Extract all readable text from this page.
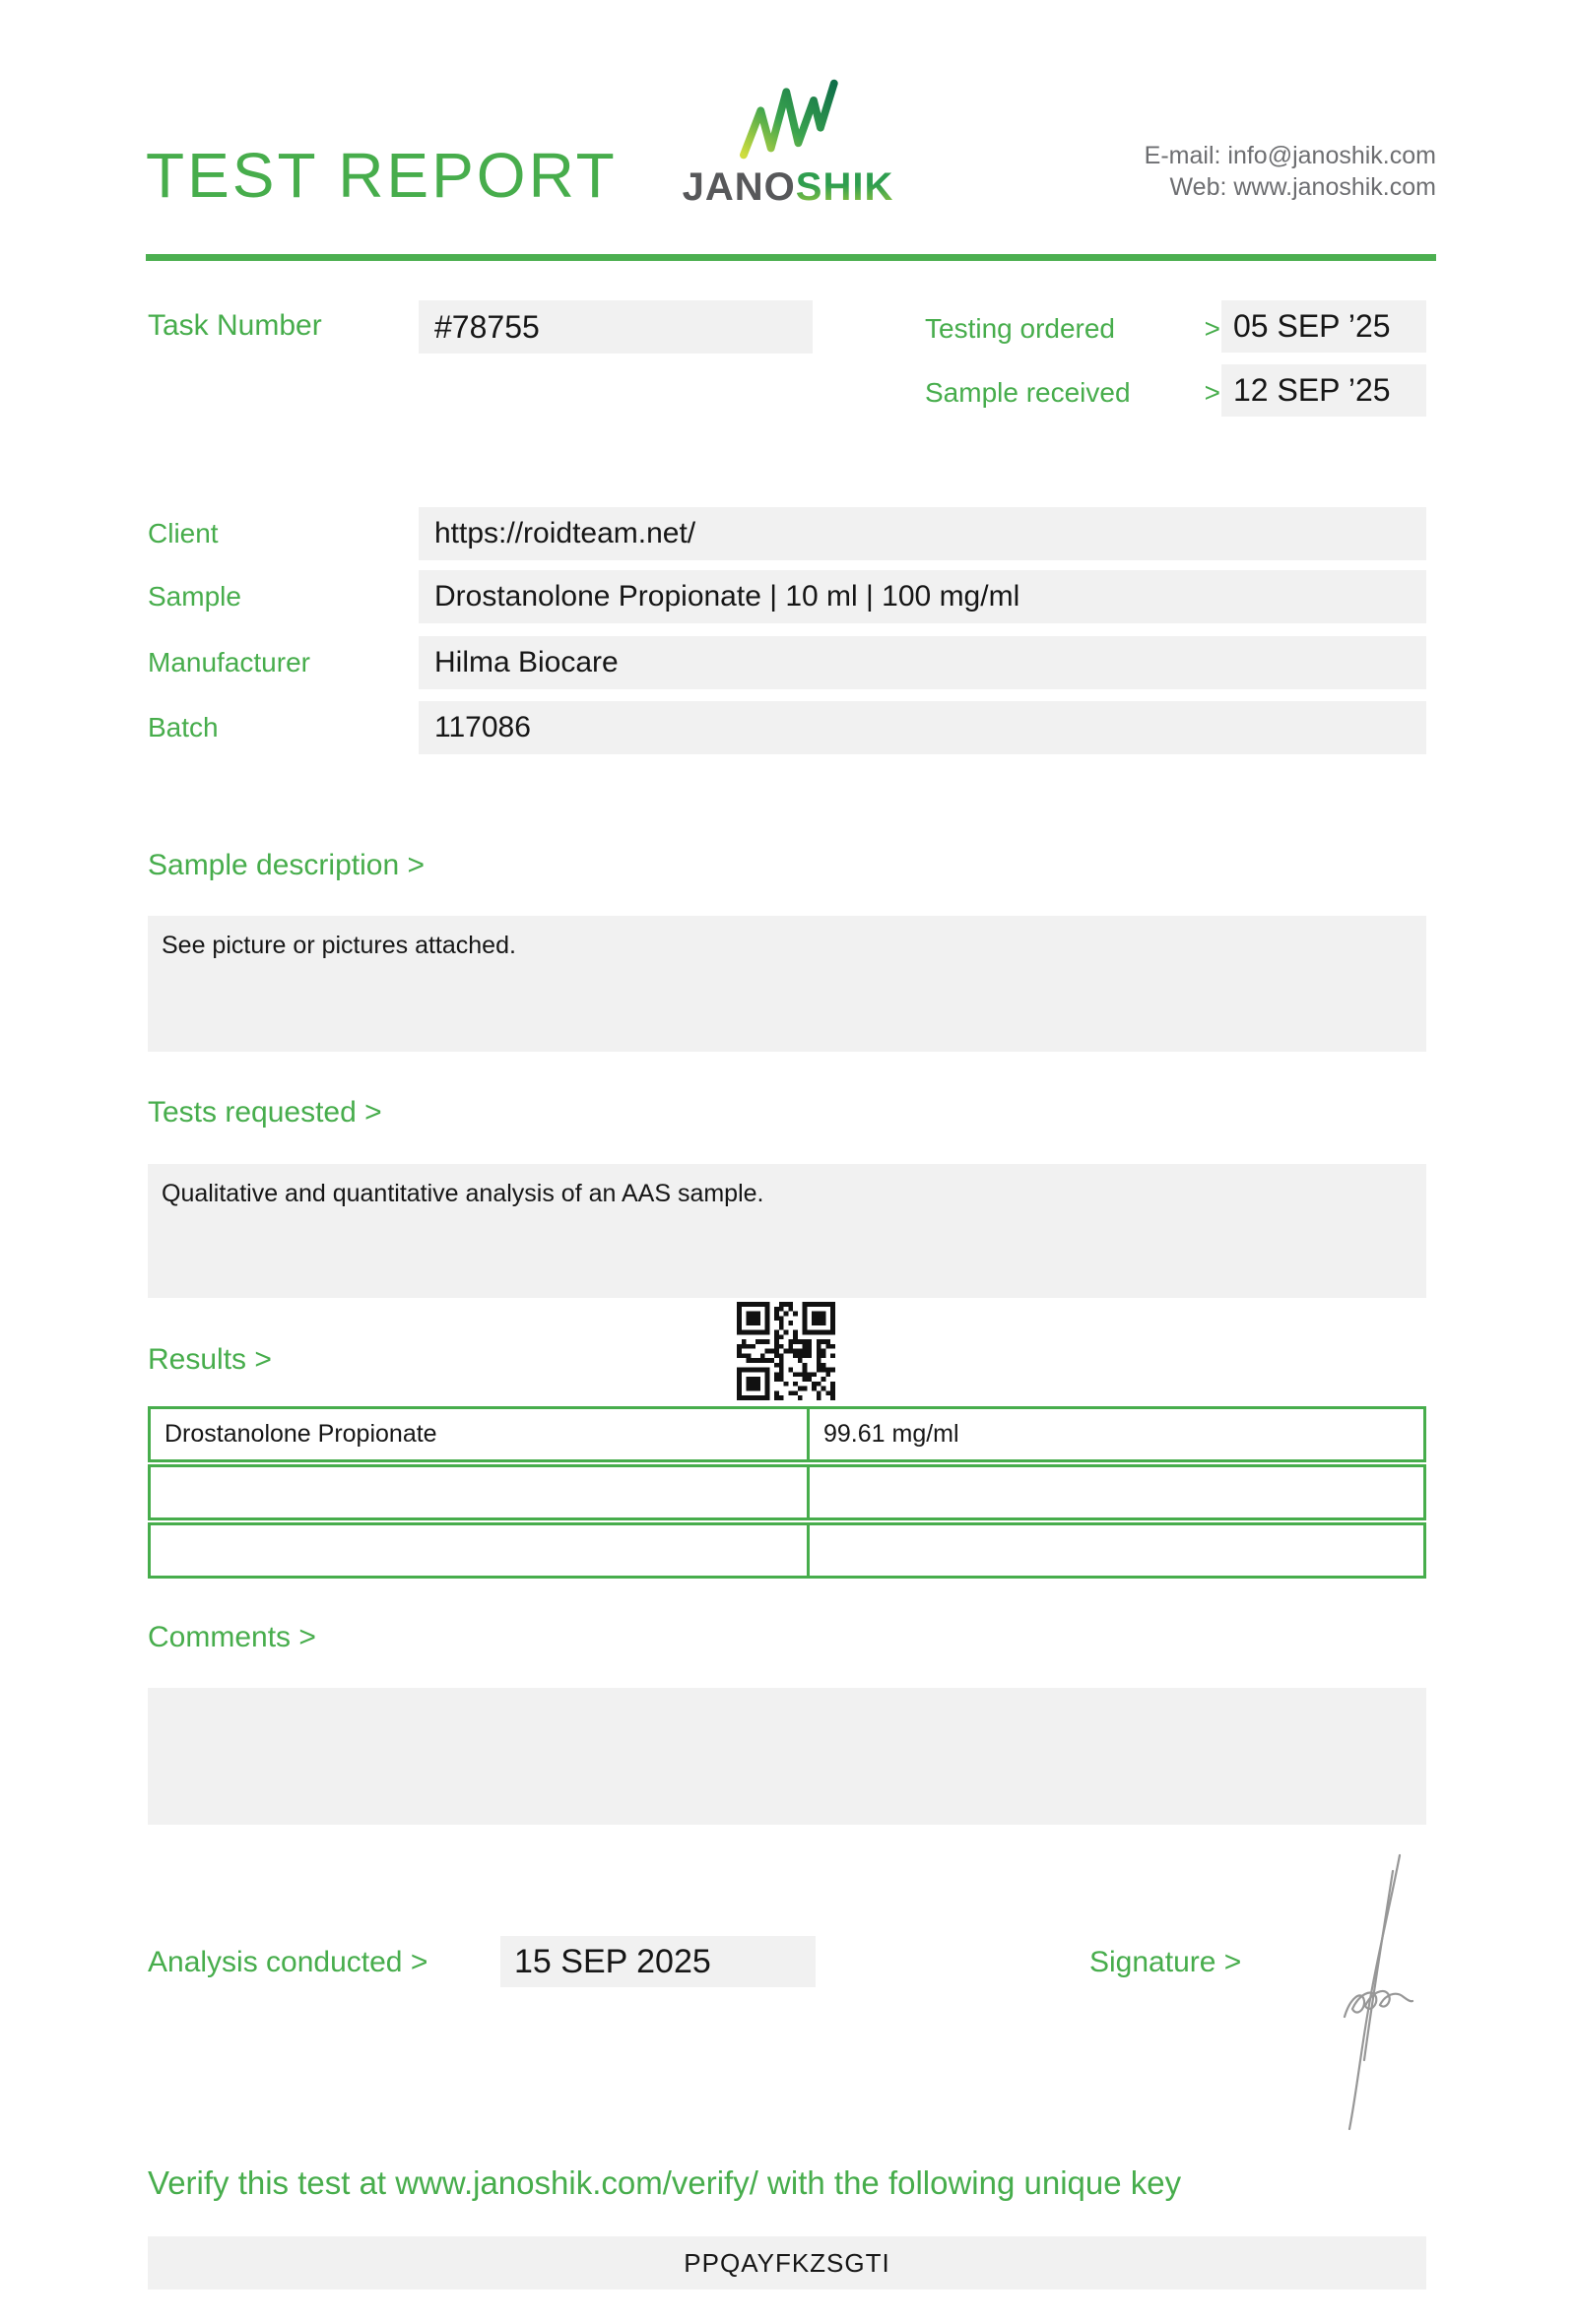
TEST REPORT JANOSHIK
E-mail: info@janoshik.com
Web: www.janoshik.com
Task Number	#78755	Testing ordered	> 05 SEP ’25
Sample received	> 12 SEP ’25
Client	https://roidteam.net/
Sample	Drostanolone Propionate | 10 ml | 100 mg/ml
Manufacturer	Hilma Biocare
Batch	117086
Sample description >
See picture or pictures attached.
Tests requested >
Qualitative and quantitative analysis of an AAS sample.
Results >
Drostanolone Propionate	99.61 mg/ml
Comments >
Analysis conducted >	15 SEP 2025	Signature >
Verify this test at www.janoshik.com/verify/ with the following unique key
PPQAYFKZSGTI
